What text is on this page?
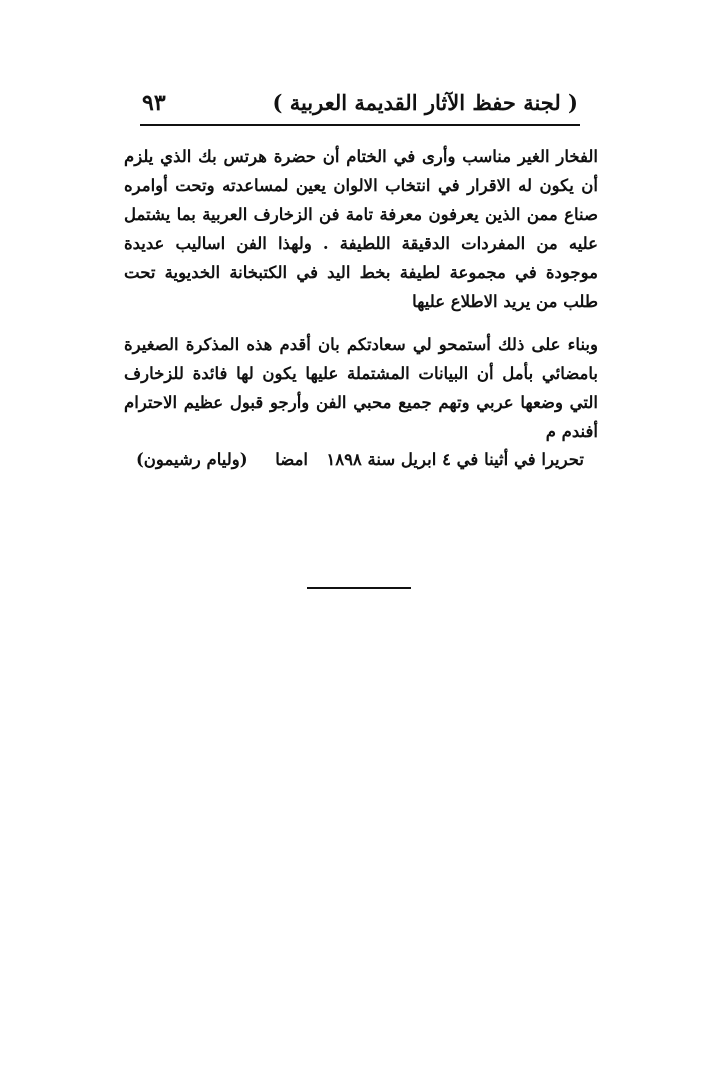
( لجنة حفظ الآثار القديمة العربية )
٩٣

الفخار الغير مناسب وأرى في الختام أن حضرة هرتس بك الذي يلزم أن يكون له الاقرار في انتخاب الالوان يعين لمساعدته وتحت أوامره صناع ممن الذين يعرفون معرفة تامة فن الزخارف العربية بما يشتمل عليه من المفردات الدقيقة اللطيفة . ولهذا الفن اساليب عديدة موجودة في مجموعة لطيفة بخط اليد في الكتبخانة الخديوية تحت طلب من يريد الاطلاع عليها

وبناء على ذلك أستمحو لي سعادتكم بان أقدم هذه المذكرة الصغيرة بامضائي بأمل أن البيانات المشتملة عليها يكون لها فائدة للزخارف التي وضعها عربي وتهم جميع محبي الفن وأرجو قبول عظيم الاحترام أفندم م

تحريرا في أثينا في ٤ ابريل سنة ١٨٩٨
امضا
(وليام رشيمون)
